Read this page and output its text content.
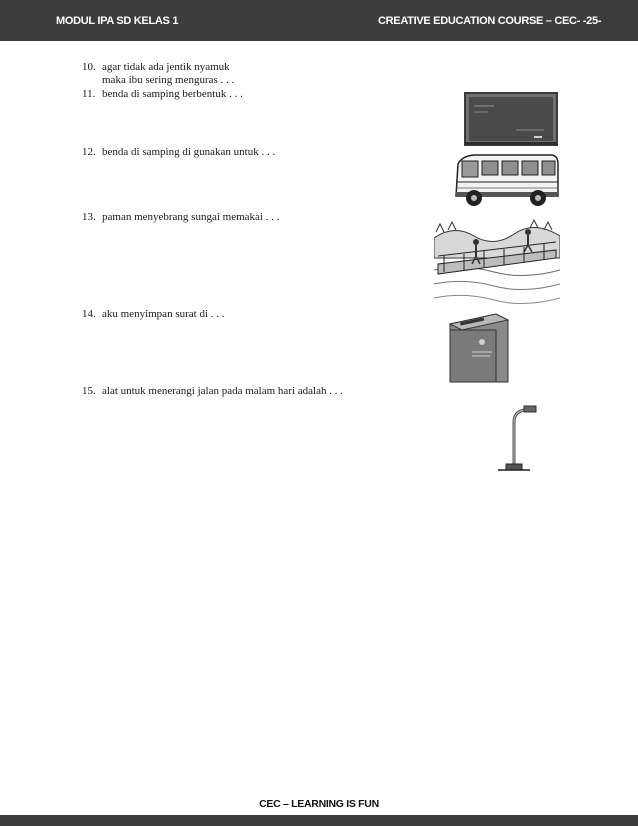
MODUL IPA SD KELAS 1	CREATIVE EDUCATION COURSE – CEC- -25-
10. agar tidak ada jentik nyamuk
maka ibu sering menguras . . .
11. benda di samping berbentuk . . .
12. benda di samping di gunakan untuk . . .
13. paman menyebrang sungai memakai . . .
14. aku menyimpan surat di . . .
15. alat untuk menerangi jalan pada malam hari adalah . . .
CEC – LEARNING IS FUN
